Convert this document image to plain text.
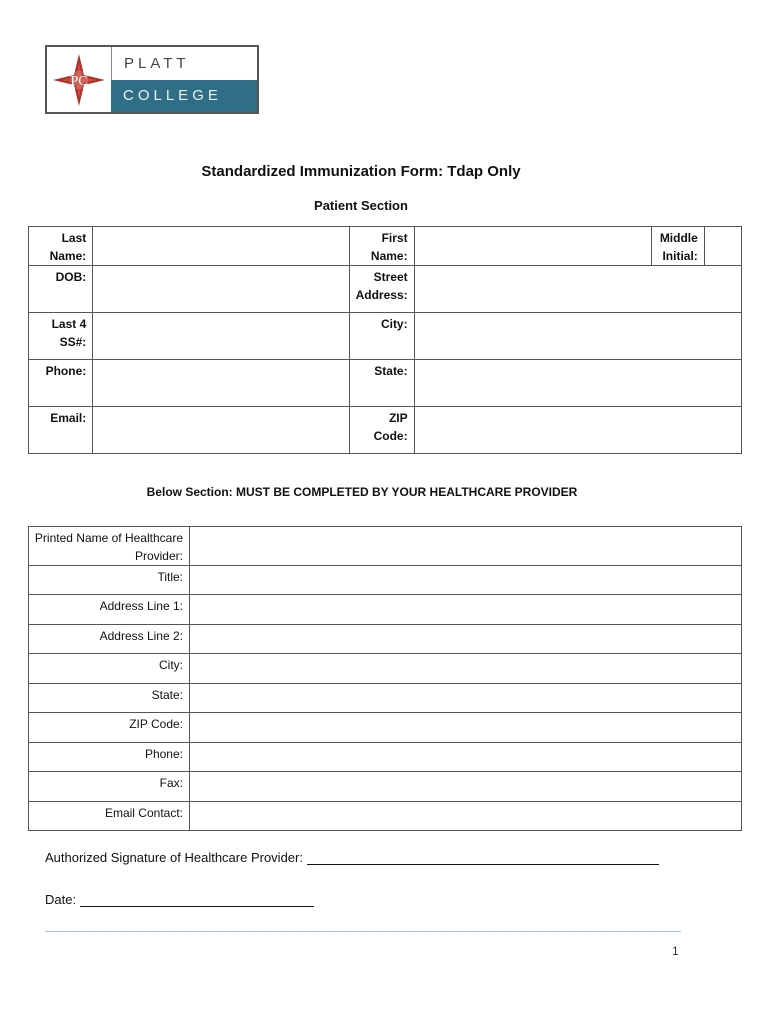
PC
PLATT
COLLEGE
Standardized Immunization Form: Tdap Only
Patient Section
Last Name:		First Name:		Middle Initial:	
DOB:		Street Address:	
Last 4 SS#:		City:	
Phone:		State:	
Email:		ZIP Code:	
Below Section: MUST BE COMPLETED BY YOUR HEALTHCARE PROVIDER
Printed Name of Healthcare Provider:	
Title:	
Address Line 1:	
Address Line 2:	
City:	
State:	
ZIP Code:	
Phone:	
Fax:	
Email Contact:	
Authorized Signature of Healthcare Provider:
Date:
1
